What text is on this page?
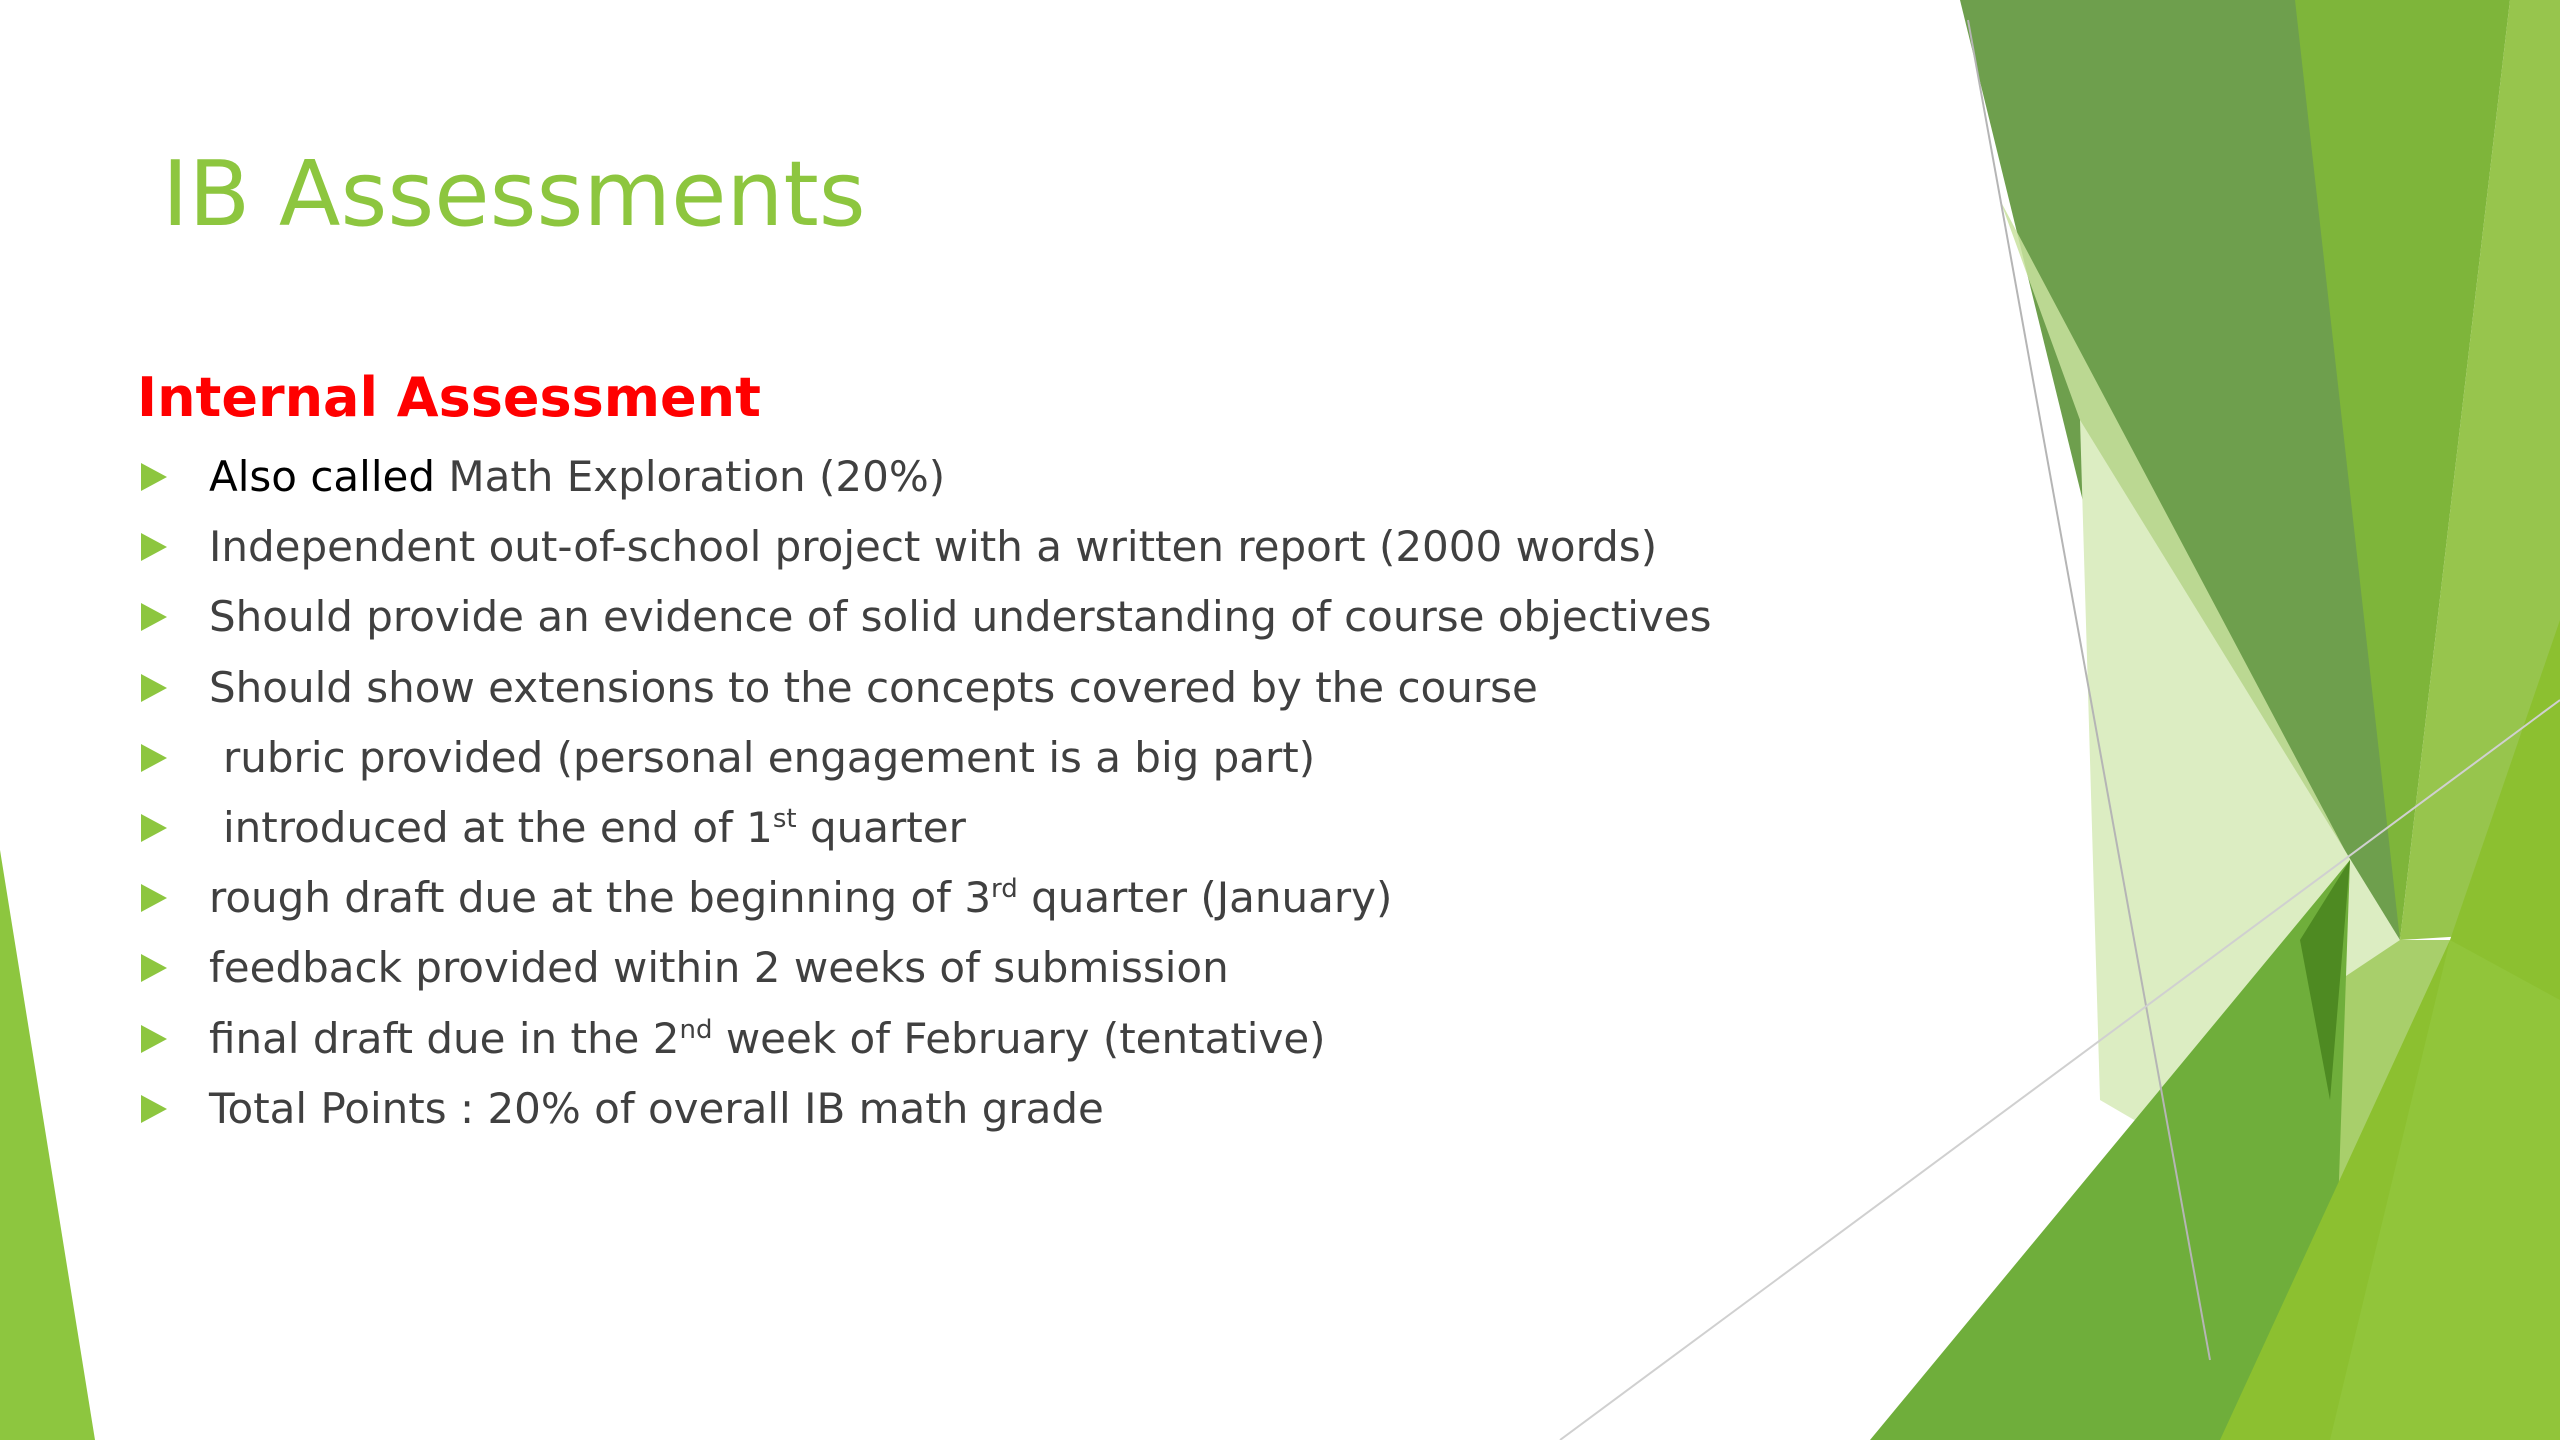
IB Assessments
Internal Assessment
Also called Math Exploration (20%)
Independent out-of-school project with a written report (2000 words)
Should provide an evidence of solid understanding of course objectives
Should show extensions to the concepts covered by the course
rubric provided (personal engagement is a big part)
introduced at the end of 1st quarter
rough draft due at the beginning of 3rd quarter (January)
feedback provided within 2 weeks of submission
final draft due in the 2nd week of February (tentative)
Total Points : 20% of overall IB math grade
